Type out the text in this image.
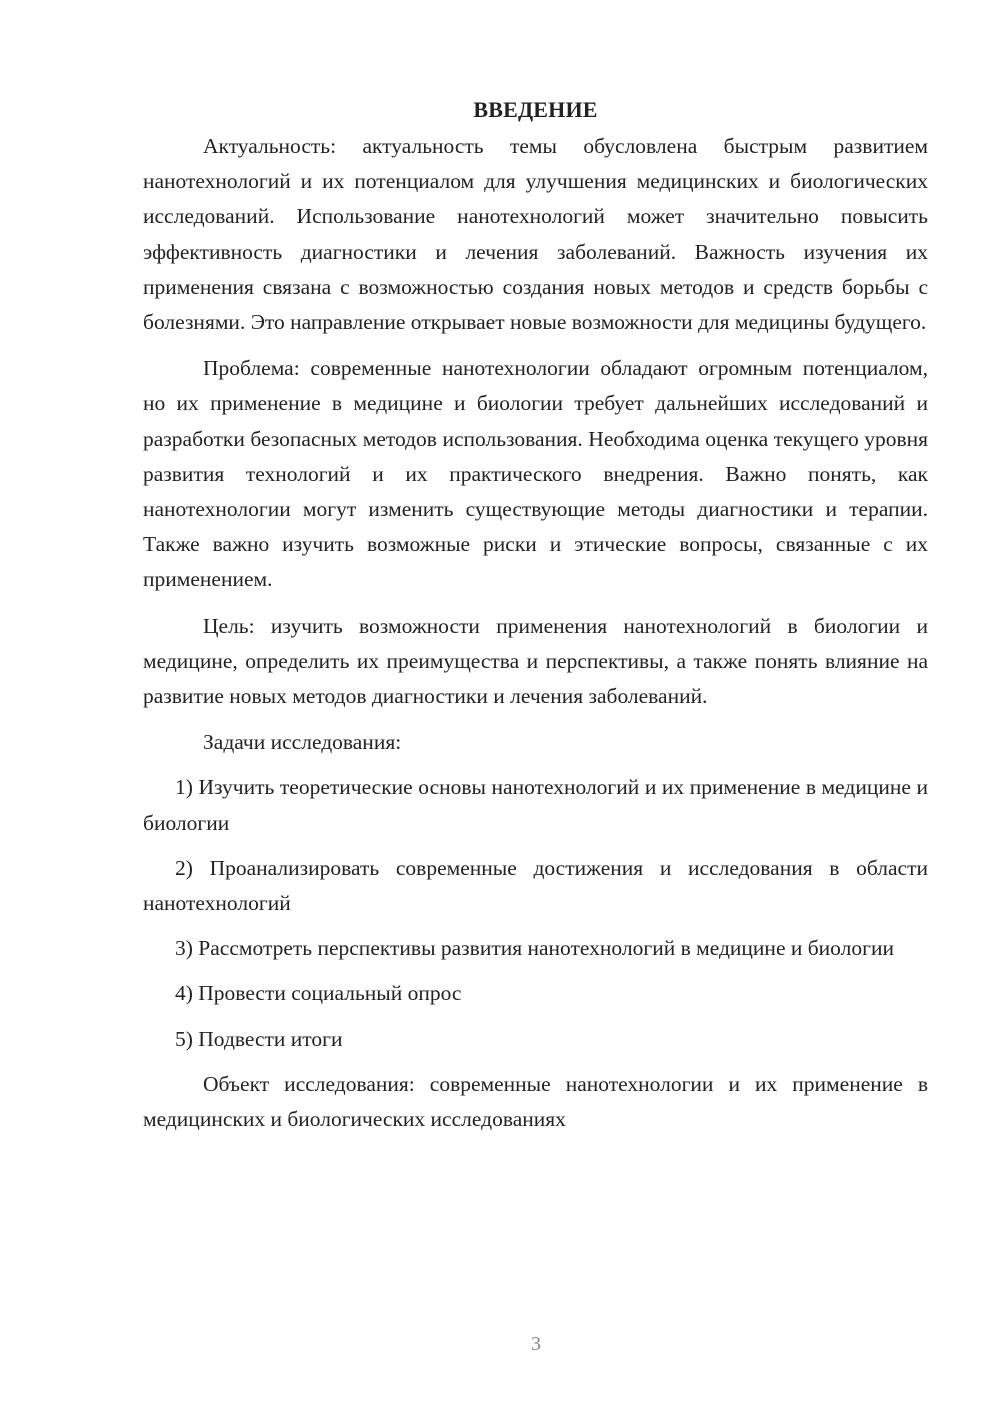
ВВЕДЕНИЕ

Актуальность: актуальность темы обусловлена быстрым развитием нанотехнологий и их потенциалом для улучшения медицинских и биологических исследований. Использование нанотехнологий может значительно повысить эффективность диагностики и лечения заболеваний. Важность изучения их применения связана с возможностью создания новых методов и средств борьбы с болезнями. Это направление открывает новые возможности для медицины будущего.

Проблема: современные нанотехнологии обладают огромным потенциалом, но их применение в медицине и биологии требует дальнейших исследований и разработки безопасных методов использования. Необходима оценка текущего уровня развития технологий и их практического внедрения. Важно понять, как нанотехнологии могут изменить существующие методы диагностики и терапии. Также важно изучить возможные риски и этические вопросы, связанные с их применением.

Цель: изучить возможности применения нанотехнологий в биологии и медицине, определить их преимущества и перспективы, а также понять влияние на развитие новых методов диагностики и лечения заболеваний.

Задачи исследования:

1) Изучить теоретические основы нанотехнологий и их применение в медицине и биологии

2) Проанализировать современные достижения и исследования в области нанотехнологий

3) Рассмотреть перспективы развития нанотехнологий в медицине и биологии

4) Провести социальный опрос

5) Подвести итоги

Объект исследования: современные нанотехнологии и их применение в медицинских и биологических исследованиях

3
